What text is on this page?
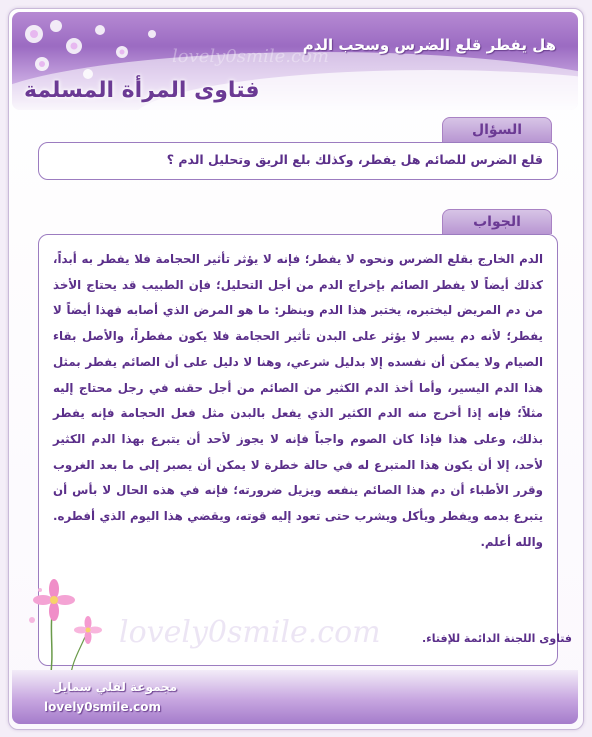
lovely0smile.com
هل يفطر قلع الضرس وسحب الدم
فتاوى المرأة المسلمة
السؤال
قلع الضرس للصائم هل يفطر، وكذلك بلع الريق وتحليل الدم ؟
الجواب
الدم الخارج بقلع الضرس ونحوه لا يفطر؛ فإنه لا يؤثر تأثير الحجامة فلا يفطر به أبداً، كذلك أيضاً لا يفطر الصائم بإخراج الدم من أجل التحليل؛ فإن الطبيب قد يحتاج الأخذ من دم المريض ليختبره، يختبر هذا الدم وينظر: ما هو المرض الذي أصابه فهذا أيضاً لا يفطر؛ لأنه دم يسير لا يؤثر على البدن تأثير الحجامة فلا يكون مفطراً، والأصل بقاء الصيام ولا يمكن أن نفسده إلا بدليل شرعي، وهنا لا دليل على أن الصائم يفطر بمثل هذا الدم اليسير، وأما أخذ الدم الكثير من الصائم من أجل حقنه في رجل محتاج إليه مثلاً؛ فإنه إذا أخرج منه الدم الكثير الذي يفعل بالبدن مثل فعل الحجامة فإنه يفطر بذلك، وعلى هذا فإذا كان الصوم واجباً فإنه لا يجوز لأحد أن يتبرع بهذا الدم الكثير لأحد، إلا أن يكون هذا المتبرع له في حالة خطرة لا يمكن أن يصبر إلى ما بعد الغروب وقرر الأطباء أن دم هذا الصائم ينفعه ويزيل ضرورته؛ فإنه في هذه الحال لا بأس أن يتبرع بدمه ويفطر ويأكل ويشرب حتى تعود إليه قوته، ويقضي هذا اليوم الذي أفطره. والله أعلم.
lovely0smile.com	فتاوى اللجنة الدائمة للإفتاء.
مجموعة لفلي سمايل
lovely0smile.com
